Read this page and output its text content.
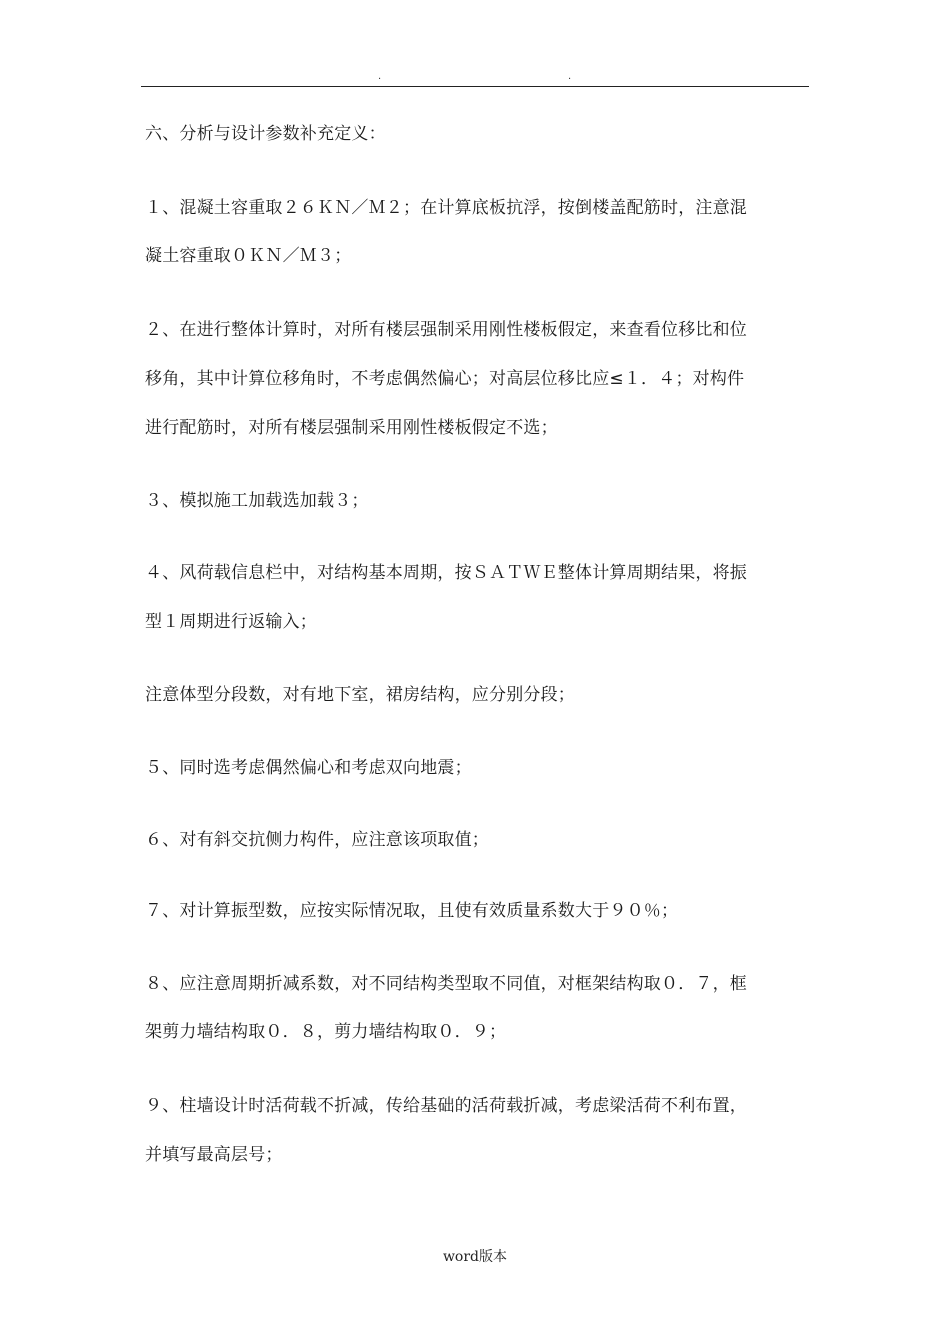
.	.

六、分析与设计参数补充定义：

１、混凝土容重取２６ＫＮ／Ｍ２；在计算底板抗浮，按倒楼盖配筋时，注意混

凝土容重取０ＫＮ／Ｍ３；

２、在进行整体计算时，对所有楼层强制采用刚性楼板假定，来查看位移比和位

移角，其中计算位移角时，不考虑偶然偏心；对高层位移比应≤１．４；对构件

进行配筋时，对所有楼层强制采用刚性楼板假定不选；

３、模拟施工加载选加载３；

４、风荷载信息栏中，对结构基本周期，按ＳＡＴＷＥ整体计算周期结果，将振

型１周期进行返输入；

注意体型分段数，对有地下室，裙房结构，应分别分段；

５、同时选考虑偶然偏心和考虑双向地震；

６、对有斜交抗侧力构件，应注意该项取值；

７、对计算振型数，应按实际情况取，且使有效质量系数大于９０％；

８、应注意周期折减系数，对不同结构类型取不同值，对框架结构取０．７，框

架剪力墙结构取０．８，剪力墙结构取０．９；

９、柱墙设计时活荷载不折减，传给基础的活荷载折减，考虑梁活荷不利布置，

并填写最高层号；

word版本
